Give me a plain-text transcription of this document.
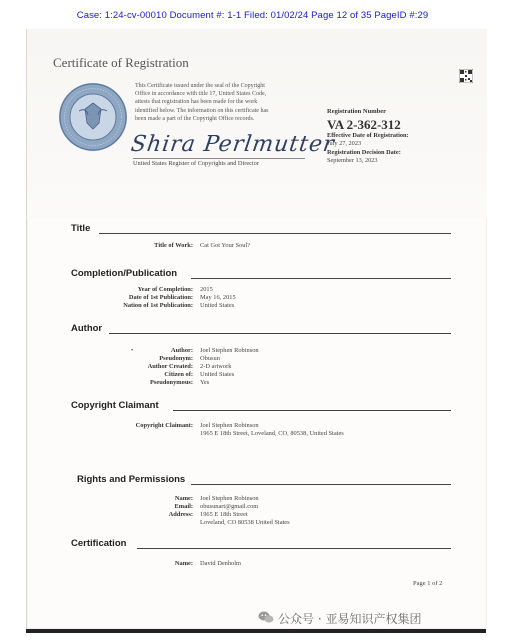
Case: 1:24-cv-00010 Document #: 1-1 Filed: 01/02/24 Page 12 of 35 PageID #:29
Certificate of Registration
This Certificate issued under the seal of the Copyright
Office in accordance with title 17, United States Code,
attests that registration has been made for the work
identified below. The information on this certificate has
been made a part of the Copyright Office records.
Shira Perlmutter
United States Register of Copyrights and Director
Registration Number
VA 2-362-312
Effective Date of Registration:
July 27, 2023
Registration Decision Date:
September 13, 2023
Title
Title of Work: Cat Got Your Soul?
Completion/Publication
Year of Completion: 2015
Date of 1st Publication: May 16, 2015
Nation of 1st Publication: United States
Author
•	Author: Joel Stephen Robinson
Pseudonym: Obusun
Author Created: 2-D artwork
Citizen of: United States
Pseudonymous: Yes
Copyright Claimant
Copyright Claimant: Joel Stephen Robinson
1965 E 18th Street, Loveland, CO, 80538, United States
Rights and Permissions
Name: Joel Stephen Robinson
Email: obusunart@gmail.com
Address: 1965 E 18th Street
Loveland, CO 80538 United States
Certification
Name: David Denholm
Page 1 of 2
公众号 · 亚易知识产权集团
